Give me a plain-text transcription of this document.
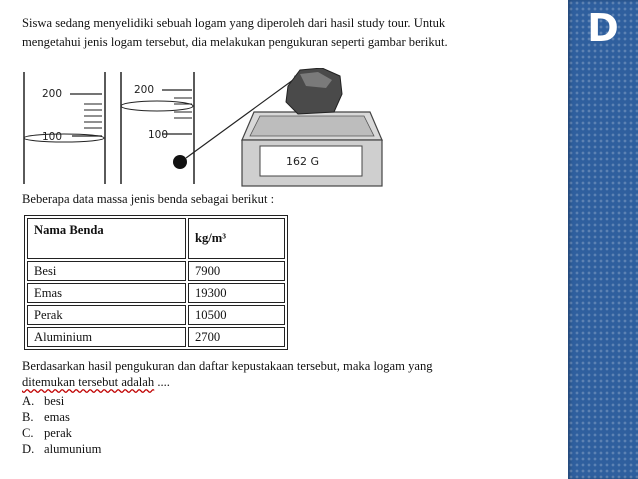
Siswa sedang menyelidiki sebuah logam yang diperoleh dari hasil study tour. Untuk
mengetahui jenis logam tersebut, dia melakukan pengukuran seperti gambar berikut.
200
100
200
100
162 G
Beberapa data massa jenis benda sebagai berikut :
Nama Benda	kg/m³
Besi	7900
Emas	19300
Perak	10500
Aluminium	2700
Berdasarkan hasil pengukuran dan daftar kepustakaan tersebut, maka logam yang
ditemukan tersebut adalah ....
A. besi
B. emas
C. perak
D. alumunium
D
